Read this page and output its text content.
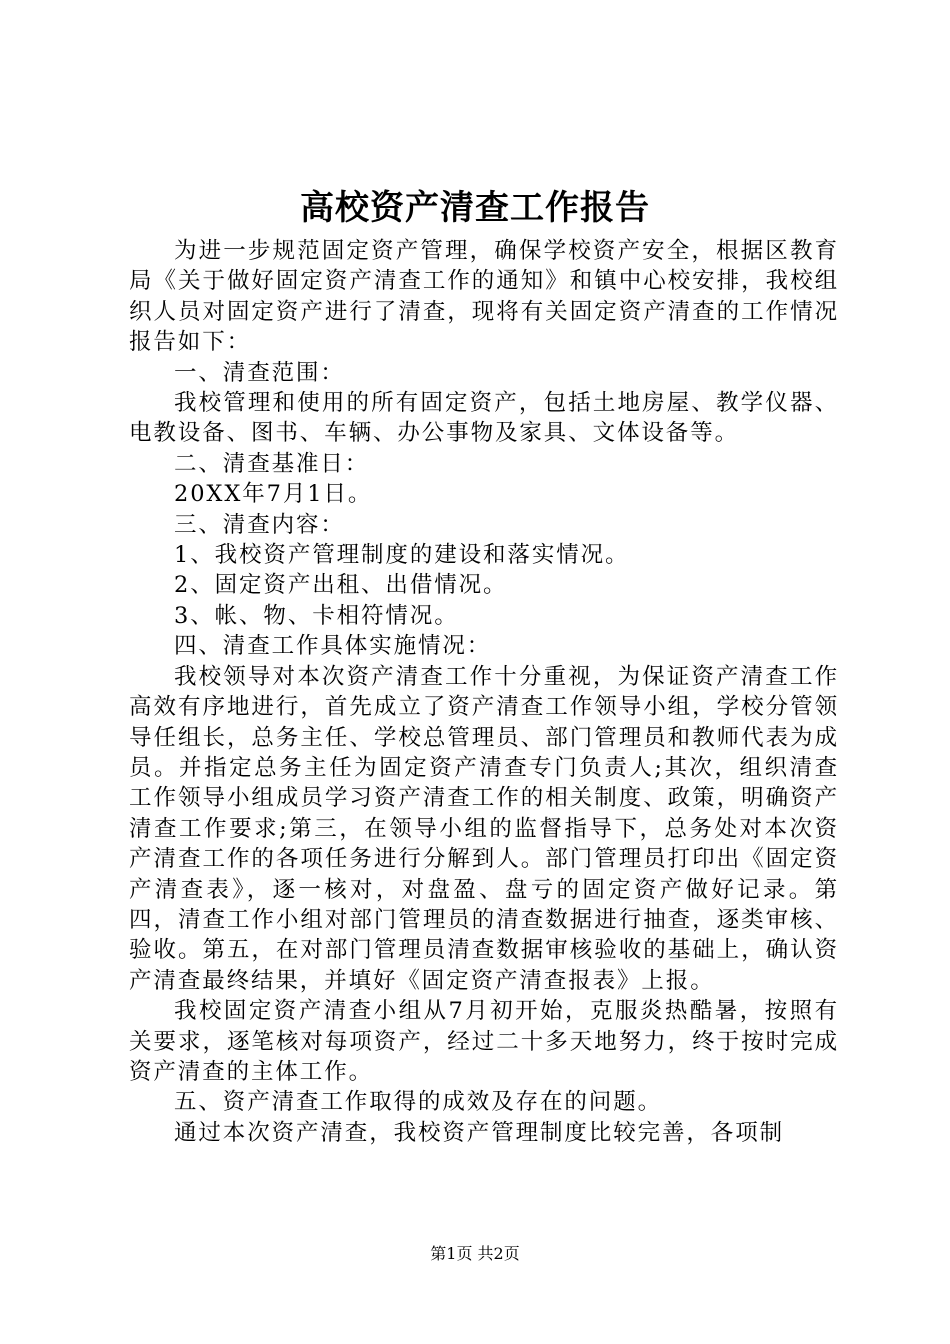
高校资产清查工作报告

为进一步规范固定资产管理，确保学校资产安全，根据区教育局《关于做好固定资产清查工作的通知》和镇中心校安排，我校组织人员对固定资产进行了清查，现将有关固定资产清查的工作情况报告如下：

一、清查范围：

我校管理和使用的所有固定资产，包括土地房屋、教学仪器、电教设备、图书、车辆、办公事物及家具、文体设备等。

二、清查基准日：

20XX年7月1日。

三、清查内容：

1、我校资产管理制度的建设和落实情况。

2、固定资产出租、出借情况。

3、帐、物、卡相符情况。

四、清查工作具体实施情况：

我校领导对本次资产清查工作十分重视，为保证资产清查工作高效有序地进行，首先成立了资产清查工作领导小组，学校分管领导任组长，总务主任、学校总管理员、部门管理员和教师代表为成员。并指定总务主任为固定资产清查专门负责人;其次，组织清查工作领导小组成员学习资产清查工作的相关制度、政策，明确资产清查工作要求;第三，在领导小组的监督指导下，总务处对本次资产清查工作的各项任务进行分解到人。部门管理员打印出《固定资产清查表》，逐一核对，对盘盈、盘亏的固定资产做好记录。第四，清查工作小组对部门管理员的清查数据进行抽查，逐类审核、验收。第五，在对部门管理员清查数据审核验收的基础上，确认资产清查最终结果，并填好《固定资产清查报表》上报。

我校固定资产清查小组从7月初开始，克服炎热酷暑，按照有关要求，逐笔核对每项资产，经过二十多天地努力，终于按时完成资产清查的主体工作。

五、资产清查工作取得的成效及存在的问题。

通过本次资产清查，我校资产管理制度比较完善，各项制

第1页 共2页
